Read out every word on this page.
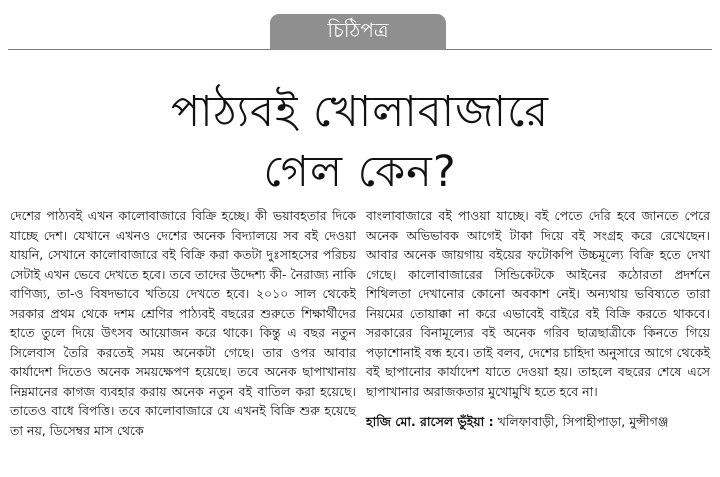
চিঠিপত্র
পাঠ্যবই খোলাবাজারে
গেল কেন?

দেশের পাঠ্যবই এখন কালোবাজারে বিক্রি হচ্ছে। কী ভয়াবহতার দিকে যাচ্ছে দেশ। যেখানে এখনও দেশের অনেক বিদ্যালয়ে সব বই দেওয়া যায়নি, সেখানে কালোবাজারে বই বিক্রি করা কতটা দুঃসাহসের পরিচয় সেটাই এখন ভেবে দেখতে হবে। তবে তাদের উদ্দেশ্য কী- নৈরাজ্য নাকি বাণিজ্য, তা-ও বিষদভাবে খতিয়ে দেখতে হবে। ২০১০ সাল থেকেই সরকার প্রথম থেকে দশম শ্রেণির পাঠ্যবই বছরের শুরুতে শিক্ষার্থীদের হাতে তুলে দিয়ে উৎসব আয়োজন করে থাকে। কিন্তু এ বছর নতুন সিলেবাস তৈরি করতেই সময় অনেকটা গেছে। তার ওপর আবার কার্যাদেশ দিতেও অনেক সময়ক্ষেপণ হয়েছে। তবে অনেক ছাপাখানায় নিম্নমানের কাগজ ব্যবহার করায় অনেক নতুন বই বাতিল করা হয়েছে। তাতেও বাধে বিপত্তি। তবে কালোবাজারে যে এখনই বিক্রি শুরু হয়েছে তা নয়, ডিসেম্বর মাস থেকে

বাংলাবাজারে বই পাওয়া যাচ্ছে। বই পেতে দেরি হবে জানতে পেরে অনেক অভিভাবক আগেই টাকা দিয়ে বই সংগ্রহ করে রেখেছেন। আবার অনেক জায়গায় বইয়ের ফটোকপি উচ্চমূল্যে বিক্রি হতে দেখা গেছে। কালোবাজারের সিন্ডিকেটকে আইনের কঠোরতা প্রদর্শনে শিথিলতা দেখানোর কোনো অবকাশ নেই। অন্যথায় ভবিষ্যতে তারা নিয়মের তোয়াক্কা না করে এভাবেই বাইরে বই বিক্রি করতে থাকবে। সরকারের বিনামূল্যের বই অনেক গরিব ছাত্রছাত্রীকে কিনতে গিয়ে পড়াশোনাই বন্ধ হবে। তাই বলব, দেশের চাহিদা অনুসারে আগে থেকেই বই ছাপানোর কার্যাদেশ যাতে দেওয়া হয়। তাহলে বছরের শেষে এসে ছাপাখানার অরাজকতার মুখোমুখি হতে হবে না।

হাজি মো. রাসেল ভুঁইয়া : খলিফাবাড়ী, সিপাহীপাড়া, মুন্সীগঞ্জ
